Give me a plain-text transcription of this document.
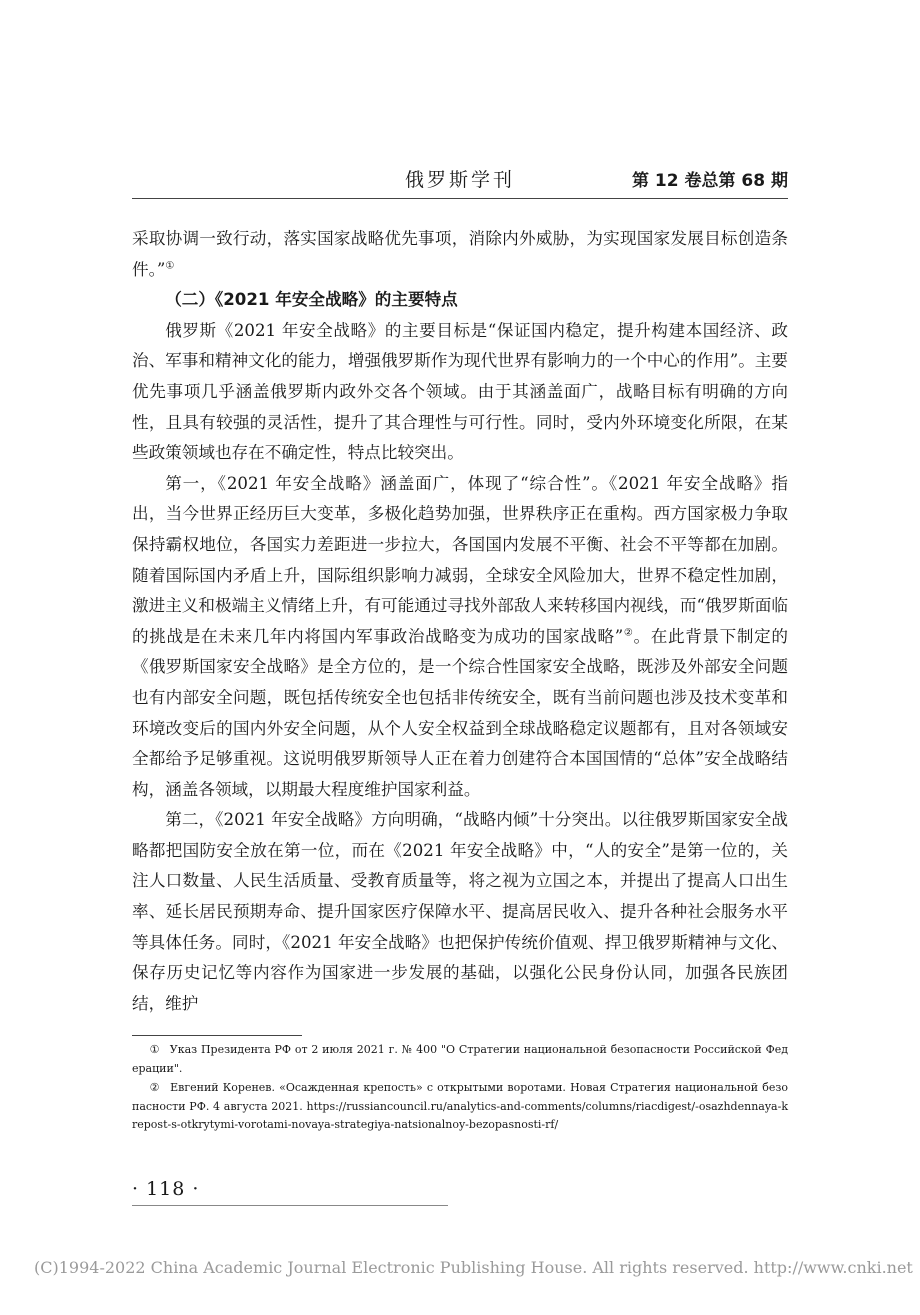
俄罗斯学刊	第 12 卷总第 68 期

采取协调一致行动，落实国家战略优先事项，消除内外威胁，为实现国家发展目标创造条件。”①

（二）《2021 年安全战略》的主要特点

俄罗斯《2021 年安全战略》的主要目标是“保证国内稳定，提升构建本国经济、政治、军事和精神文化的能力，增强俄罗斯作为现代世界有影响力的一个中心的作用”。主要优先事项几乎涵盖俄罗斯内政外交各个领域。由于其涵盖面广，战略目标有明确的方向性，且具有较强的灵活性，提升了其合理性与可行性。同时，受内外环境变化所限，在某些政策领域也存在不确定性，特点比较突出。

第一，《2021 年安全战略》涵盖面广，体现了“综合性”。《2021 年安全战略》指出，当今世界正经历巨大变革，多极化趋势加强，世界秩序正在重构。西方国家极力争取保持霸权地位，各国实力差距进一步拉大，各国国内发展不平衡、社会不平等都在加剧。随着国际国内矛盾上升，国际组织影响力减弱，全球安全风险加大，世界不稳定性加剧，激进主义和极端主义情绪上升，有可能通过寻找外部敌人来转移国内视线，而“俄罗斯面临的挑战是在未来几年内将国内军事政治战略变为成功的国家战略”②。在此背景下制定的《俄罗斯国家安全战略》是全方位的，是一个综合性国家安全战略，既涉及外部安全问题也有内部安全问题，既包括传统安全也包括非传统安全，既有当前问题也涉及技术变革和环境改变后的国内外安全问题，从个人安全权益到全球战略稳定议题都有，且对各领域安全都给予足够重视。这说明俄罗斯领导人正在着力创建符合本国国情的“总体”安全战略结构，涵盖各领域，以期最大程度维护国家利益。

第二，《2021 年安全战略》方向明确，“战略内倾”十分突出。以往俄罗斯国家安全战略都把国防安全放在第一位，而在《2021 年安全战略》中，“人的安全”是第一位的，关注人口数量、人民生活质量、受教育质量等，将之视为立国之本，并提出了提高人口出生率、延长居民预期寿命、提升国家医疗保障水平、提高居民收入、提升各种社会服务水平等具体任务。同时，《2021 年安全战略》也把保护传统价值观、捍卫俄罗斯精神与文化、保存历史记忆等内容作为国家进一步发展的基础，以强化公民身份认同，加强各民族团结，维护

① Указ Президента РФ от 2 июля 2021 г. № 400 "О Стратегии национальной безопасности Российской Федерации".

② Евгений Коренев. «Осажденная крепость» с открытыми воротами. Новая Стратегия национальной безопасности РФ. 4 августа 2021. https://russiancouncil.ru/analytics-and-comments/columns/riacdigest/-osazhdennaya-krepost-s-otkrytymi-vorotami-novaya-strategiya-natsionalnoy-bezopasnosti-rf/

· 118 ·
(C)1994-2022 China Academic Journal Electronic Publishing House. All rights reserved. http://www.cnki.net
